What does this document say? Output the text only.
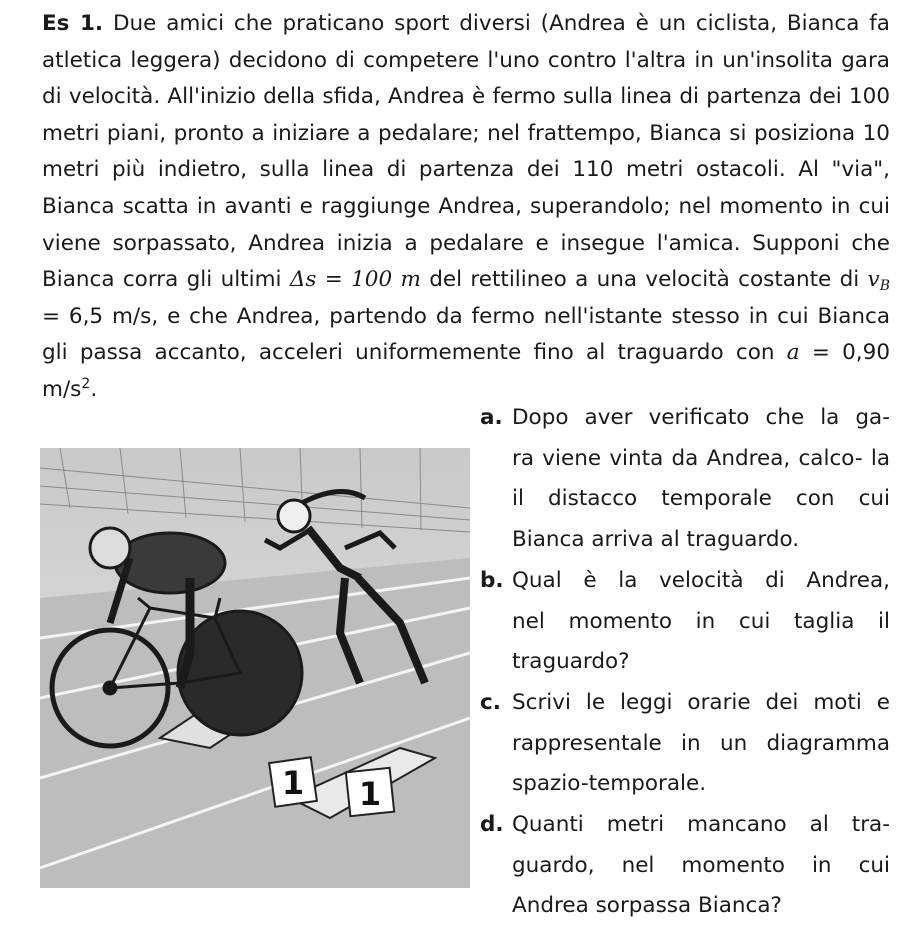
Es 1. Due amici che praticano sport diversi (Andrea è un ciclista, Bianca fa atletica leggera) decidono di competere l'uno contro l'altra in un'insolita gara di velocità. All'inizio della sfida, Andrea è fermo sulla linea di partenza dei 100 metri piani, pronto a iniziare a pedalare; nel frattempo, Bianca si posiziona 10 metri più indietro, sulla linea di partenza dei 110 metri ostacoli. Al "via", Bianca scatta in avanti e raggiunge Andrea, superandolo; nel momento in cui viene sorpassato, Andrea inizia a pedalare e insegue l'amica. Supponi che Bianca corra gli ultimi Δs = 100 m del rettilineo a una velocità costante di $v_B = 6,5$ m/s, e che Andrea, partendo da fermo nell'istante stesso in cui Bianca gli passa accanto, acceleri uniformemente fino al traguardo con a = 0,90 $m/s^2$.

1 1

a. Dopo aver verificato che la ga-
ra viene vinta da Andrea, calco- la il distacco temporale con cui Bianca arriva al traguardo.

b. Qual è la velocità di Andrea,
nel momento in cui taglia il traguardo?

c. Scrivi le leggi orarie dei moti e
rappresentale in un diagramma spazio-temporale.

d. Quanti metri mancano al tra-
guardo, nel momento in cui Andrea sorpassa Bianca?
